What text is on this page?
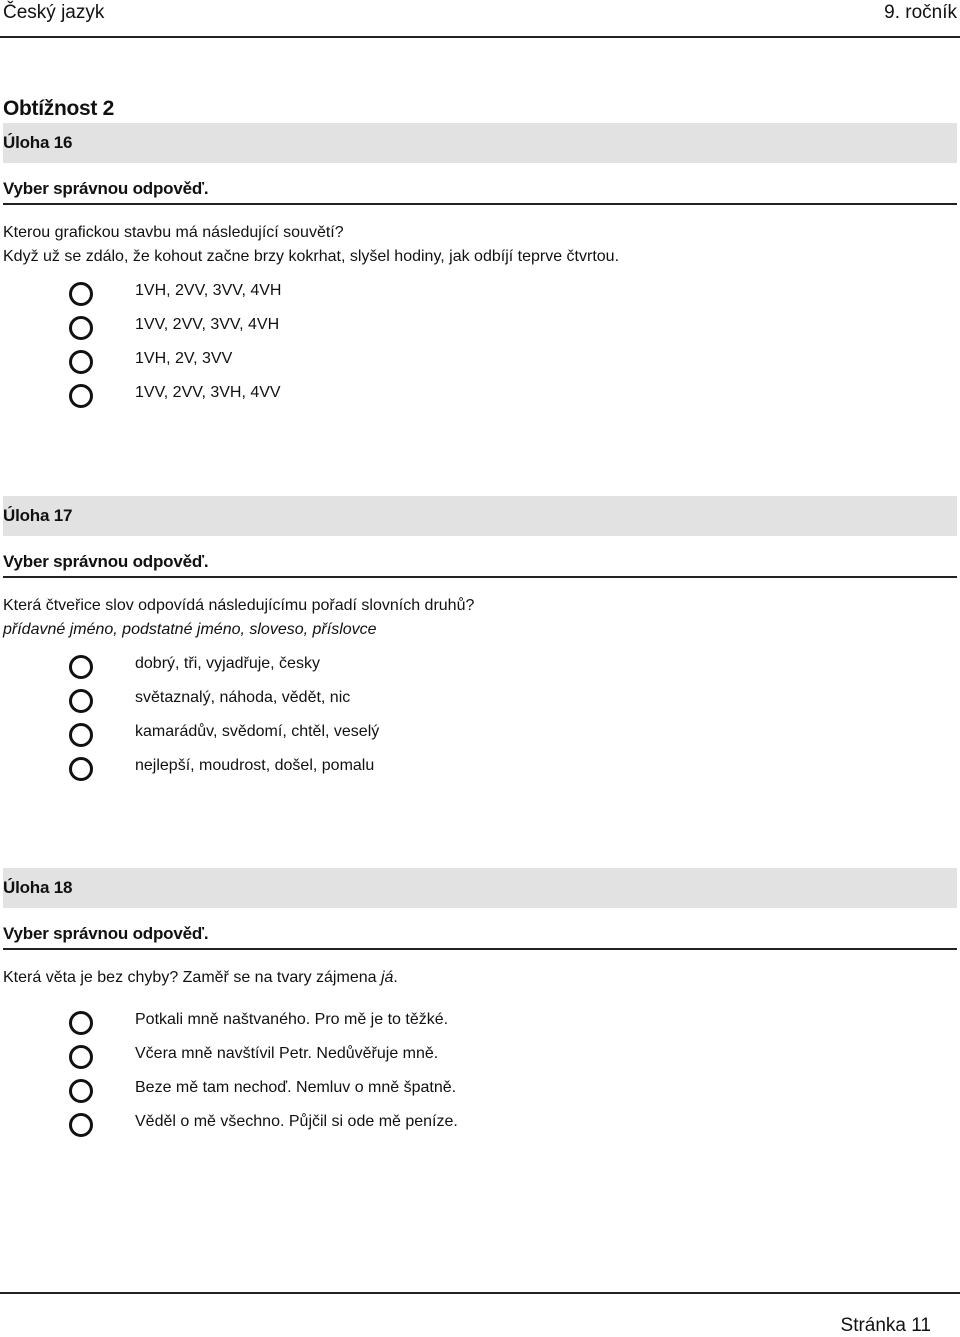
Český jazyk	9. ročník
Obtížnost 2
Úloha 16
Vyber správnou odpověď.
Kterou grafickou stavbu má následující souvětí?
Když už se zdálo, že kohout začne brzy kokrhat, slyšel hodiny, jak odbíjí teprve čtvrtou.
1VH, 2VV, 3VV, 4VH
1VV, 2VV, 3VV, 4VH
1VH, 2V, 3VV
1VV, 2VV, 3VH, 4VV
Úloha 17
Vyber správnou odpověď.
Která čtveřice slov odpovídá následujícímu pořadí slovních druhů?
přídavné jméno, podstatné jméno, sloveso, příslovce
dobrý, tři, vyjadřuje, česky
světaznalý, náhoda, vědět, nic
kamarádův, svědomí, chtěl, veselý
nejlepší, moudrost, došel, pomalu
Úloha 18
Vyber správnou odpověď.
Která věta je bez chyby? Zaměř se na tvary zájmena já.
Potkali mně naštvaného. Pro mě je to těžké.
Včera mně navštívil Petr. Nedůvěřuje mně.
Beze mě tam nechoď. Nemluv o mně špatně.
Věděl o mě všechno. Půjčil si ode mě peníze.
Stránka 11
